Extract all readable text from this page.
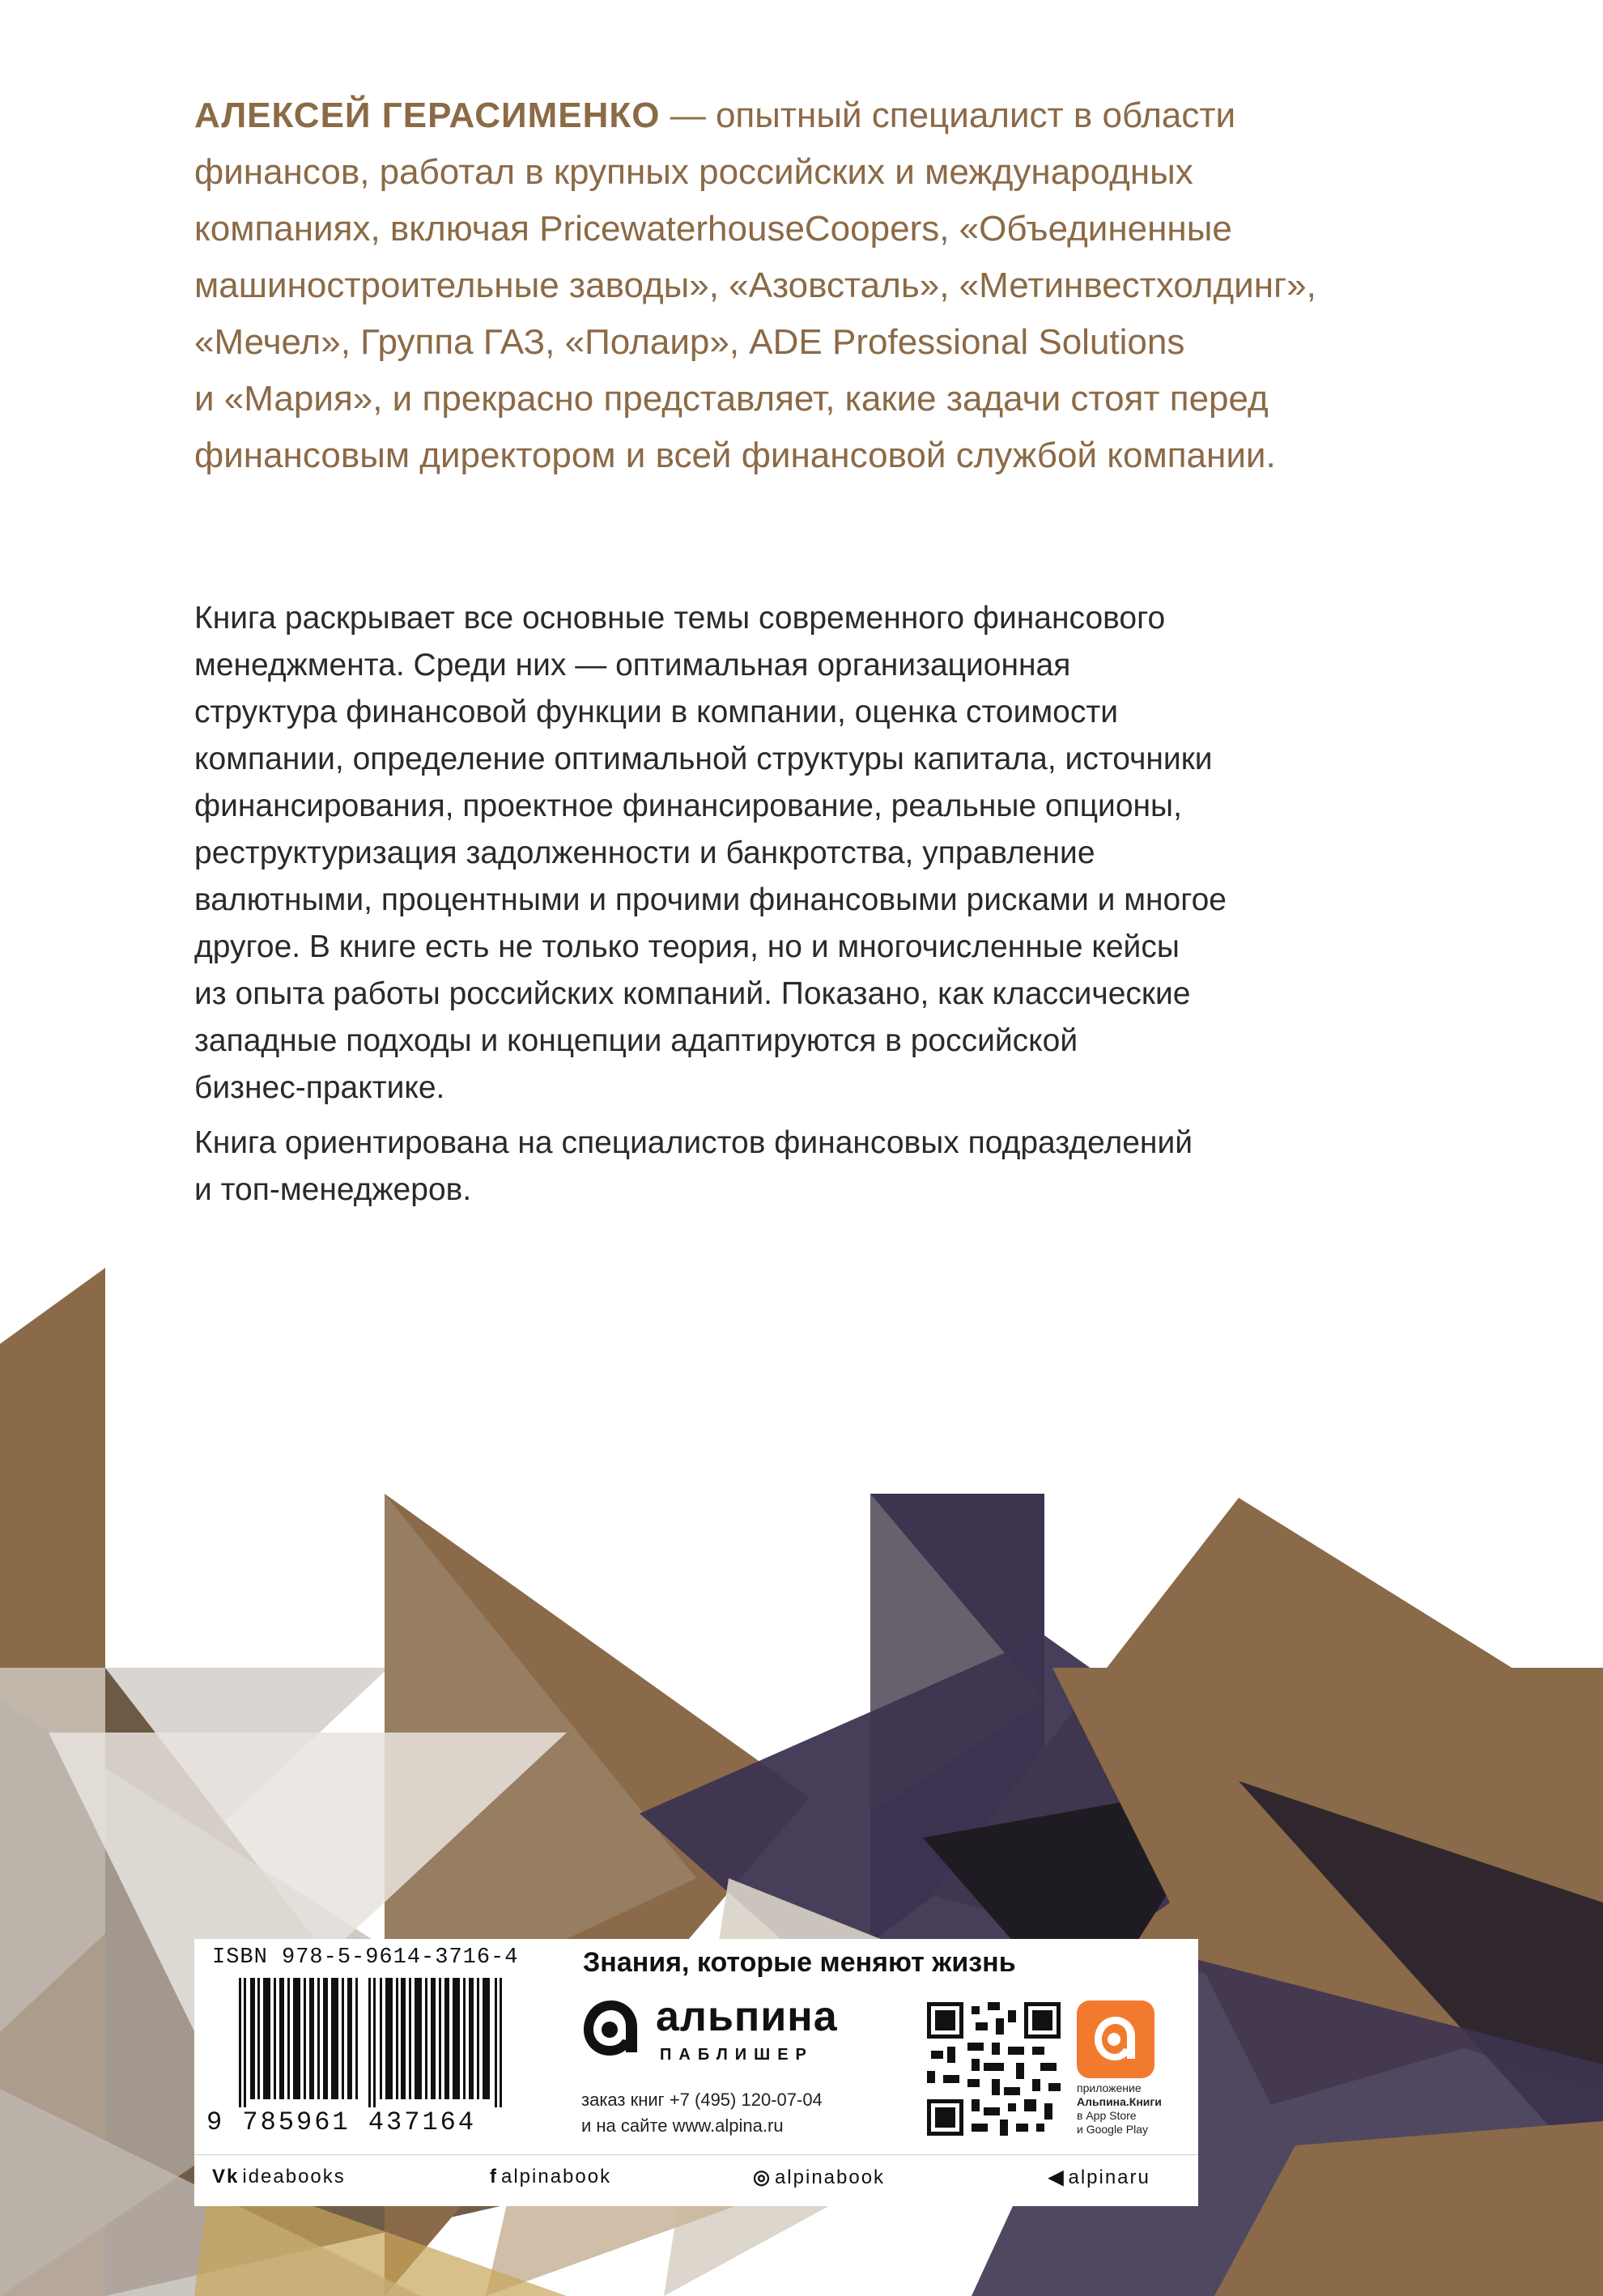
АЛЕКСЕЙ ГЕРАСИМЕНКО — опытный специалист в области
финансов, работал в крупных российских и международных
компаниях, включая PricewaterhouseCoopers, «Объединенные
машиностроительные заводы», «Азовсталь», «Метинвестхолдинг»,
«Мечел», Группа ГАЗ, «Полаир», ADE Professional Solutions
и «Мария», и прекрасно представляет, какие задачи стоят перед
финансовым директором и всей финансовой службой компании.

Книга раскрывает все основные темы современного финансового
менеджмента. Среди них — оптимальная организационная
структура финансовой функции в компании, оценка стоимости
компании, определение оптимальной структуры капитала, источники
финансирования, проектное финансирование, реальные опционы,
реструктуризация задолженности и банкротства, управление
валютными, процентными и прочими финансовыми рисками и многое
другое. В книге есть не только теория, но и многочисленные кейсы
из опыта работы российских компаний. Показано, как классические
западные подходы и концепции адаптируются в российской
бизнес-практике.

Книга ориентирована на специалистов финансовых подразделений
и топ-менеджеров.

ISBN 978-5-9614-3716-4
9 785961 437164
Знания, которые меняют жизнь
альпина
ПАБЛИШЕР
заказ книг +7 (495) 120-07-04
и на сайте www.alpina.ru
приложение
Альпина.Книги
в App Store
и Google Play
Vk ideabooks	f alpinabook	◎ alpinabook	◀ alpinaru
